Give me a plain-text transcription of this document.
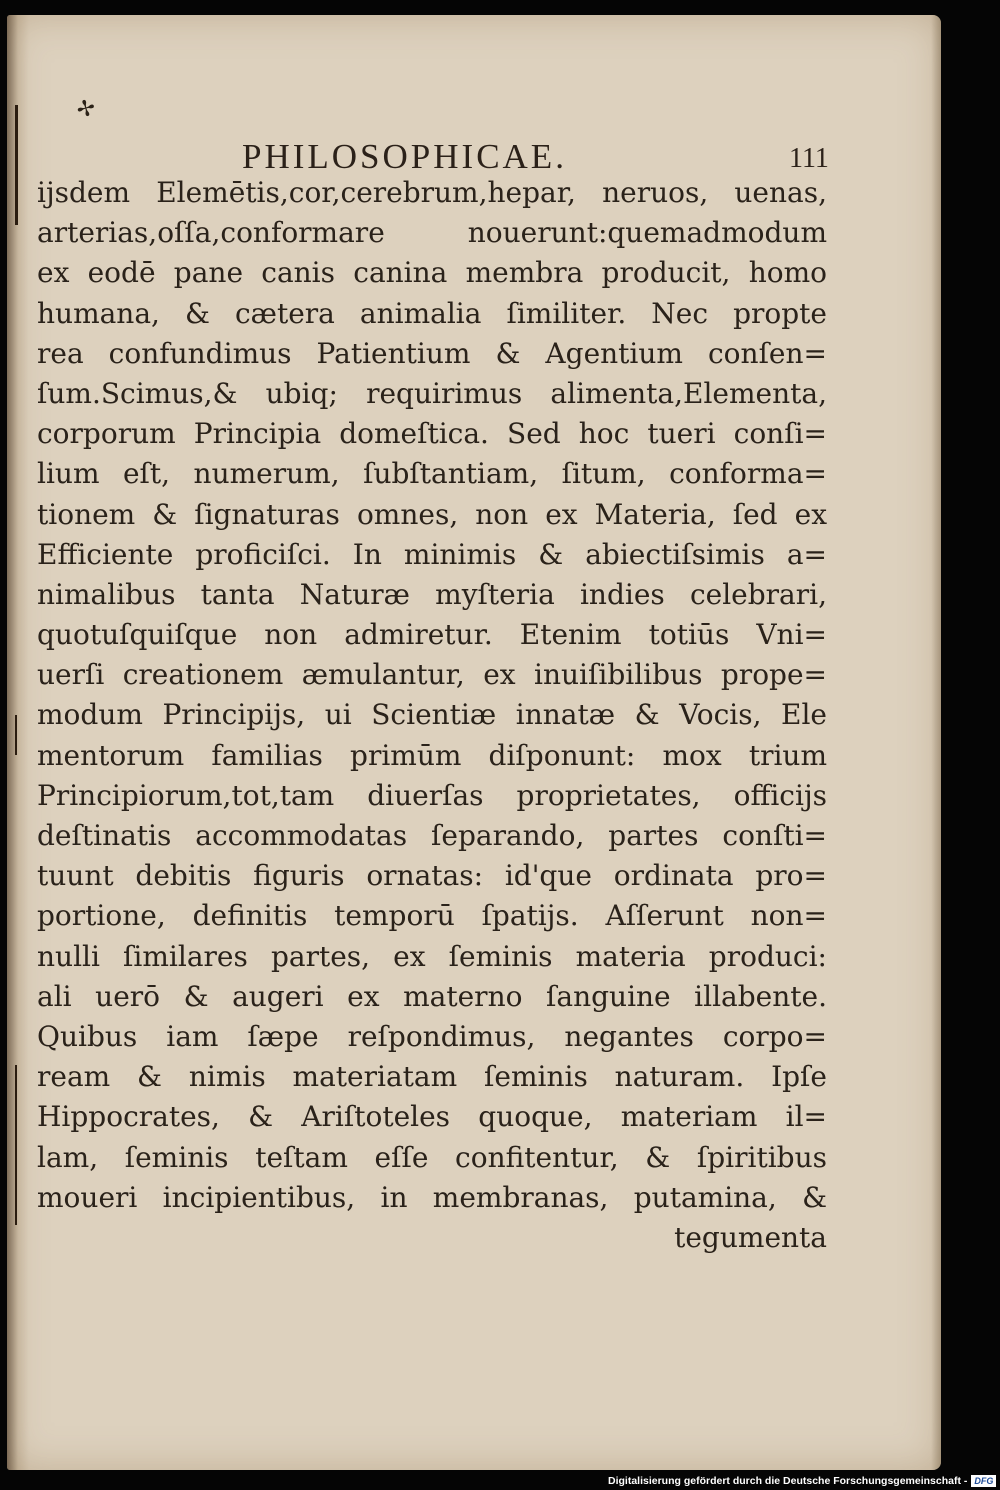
✢
PHILOSOPHICAE.	111
ijsdem Elemētis,cor,cerebrum,hepar, neruos, uenas,
arterias,oſſa,conformare nouerunt:quemadmodum
ex eodē pane canis canina membra producit, homo
humana, & cætera animalia ſimiliter. Nec propte
rea confundimus Patientium & Agentium conſen=
ſum.Scimus,& ubiq; requirimus alimenta,Elementa,
corporum Principia domeſtica. Sed hoc tueri conſi=
lium eſt, numerum, ſubſtantiam, ſitum, conforma=
tionem & ſignaturas omnes, non ex Materia, ſed ex
Efficiente proficiſci. In minimis & abiectiſsimis a=
nimalibus tanta Naturæ myſteria indies celebrari,
quotuſquiſque non admiretur. Etenim totiūs Vni=
uerſi creationem æmulantur, ex inuiſibilibus prope=
modum Principijs, ui Scientiæ innatæ & Vocis, Ele
mentorum familias primūm diſponunt: mox trium
Principiorum,tot,tam diuerſas proprietates, officijs
deſtinatis accommodatas ſeparando, partes conſti=
tuunt debitis figuris ornatas: id'que ordinata pro=
portione, definitis temporū ſpatijs. Aſſerunt non=
nulli ſimilares partes, ex ſeminis materia produci:
ali uerō & augeri ex materno ſanguine illabente.
Quibus iam ſæpe reſpondimus, negantes corpo=
ream & nimis materiatam ſeminis naturam. Ipſe
Hippocrates, & Ariſtoteles quoque, materiam il=
lam, ſeminis teſtam eſſe confitentur, & ſpiritibus
moueri incipientibus, in membranas, putamina, &
tegumenta
Digitalisierung gefördert durch die Deutsche Forschungsgemeinschaft - DFG
